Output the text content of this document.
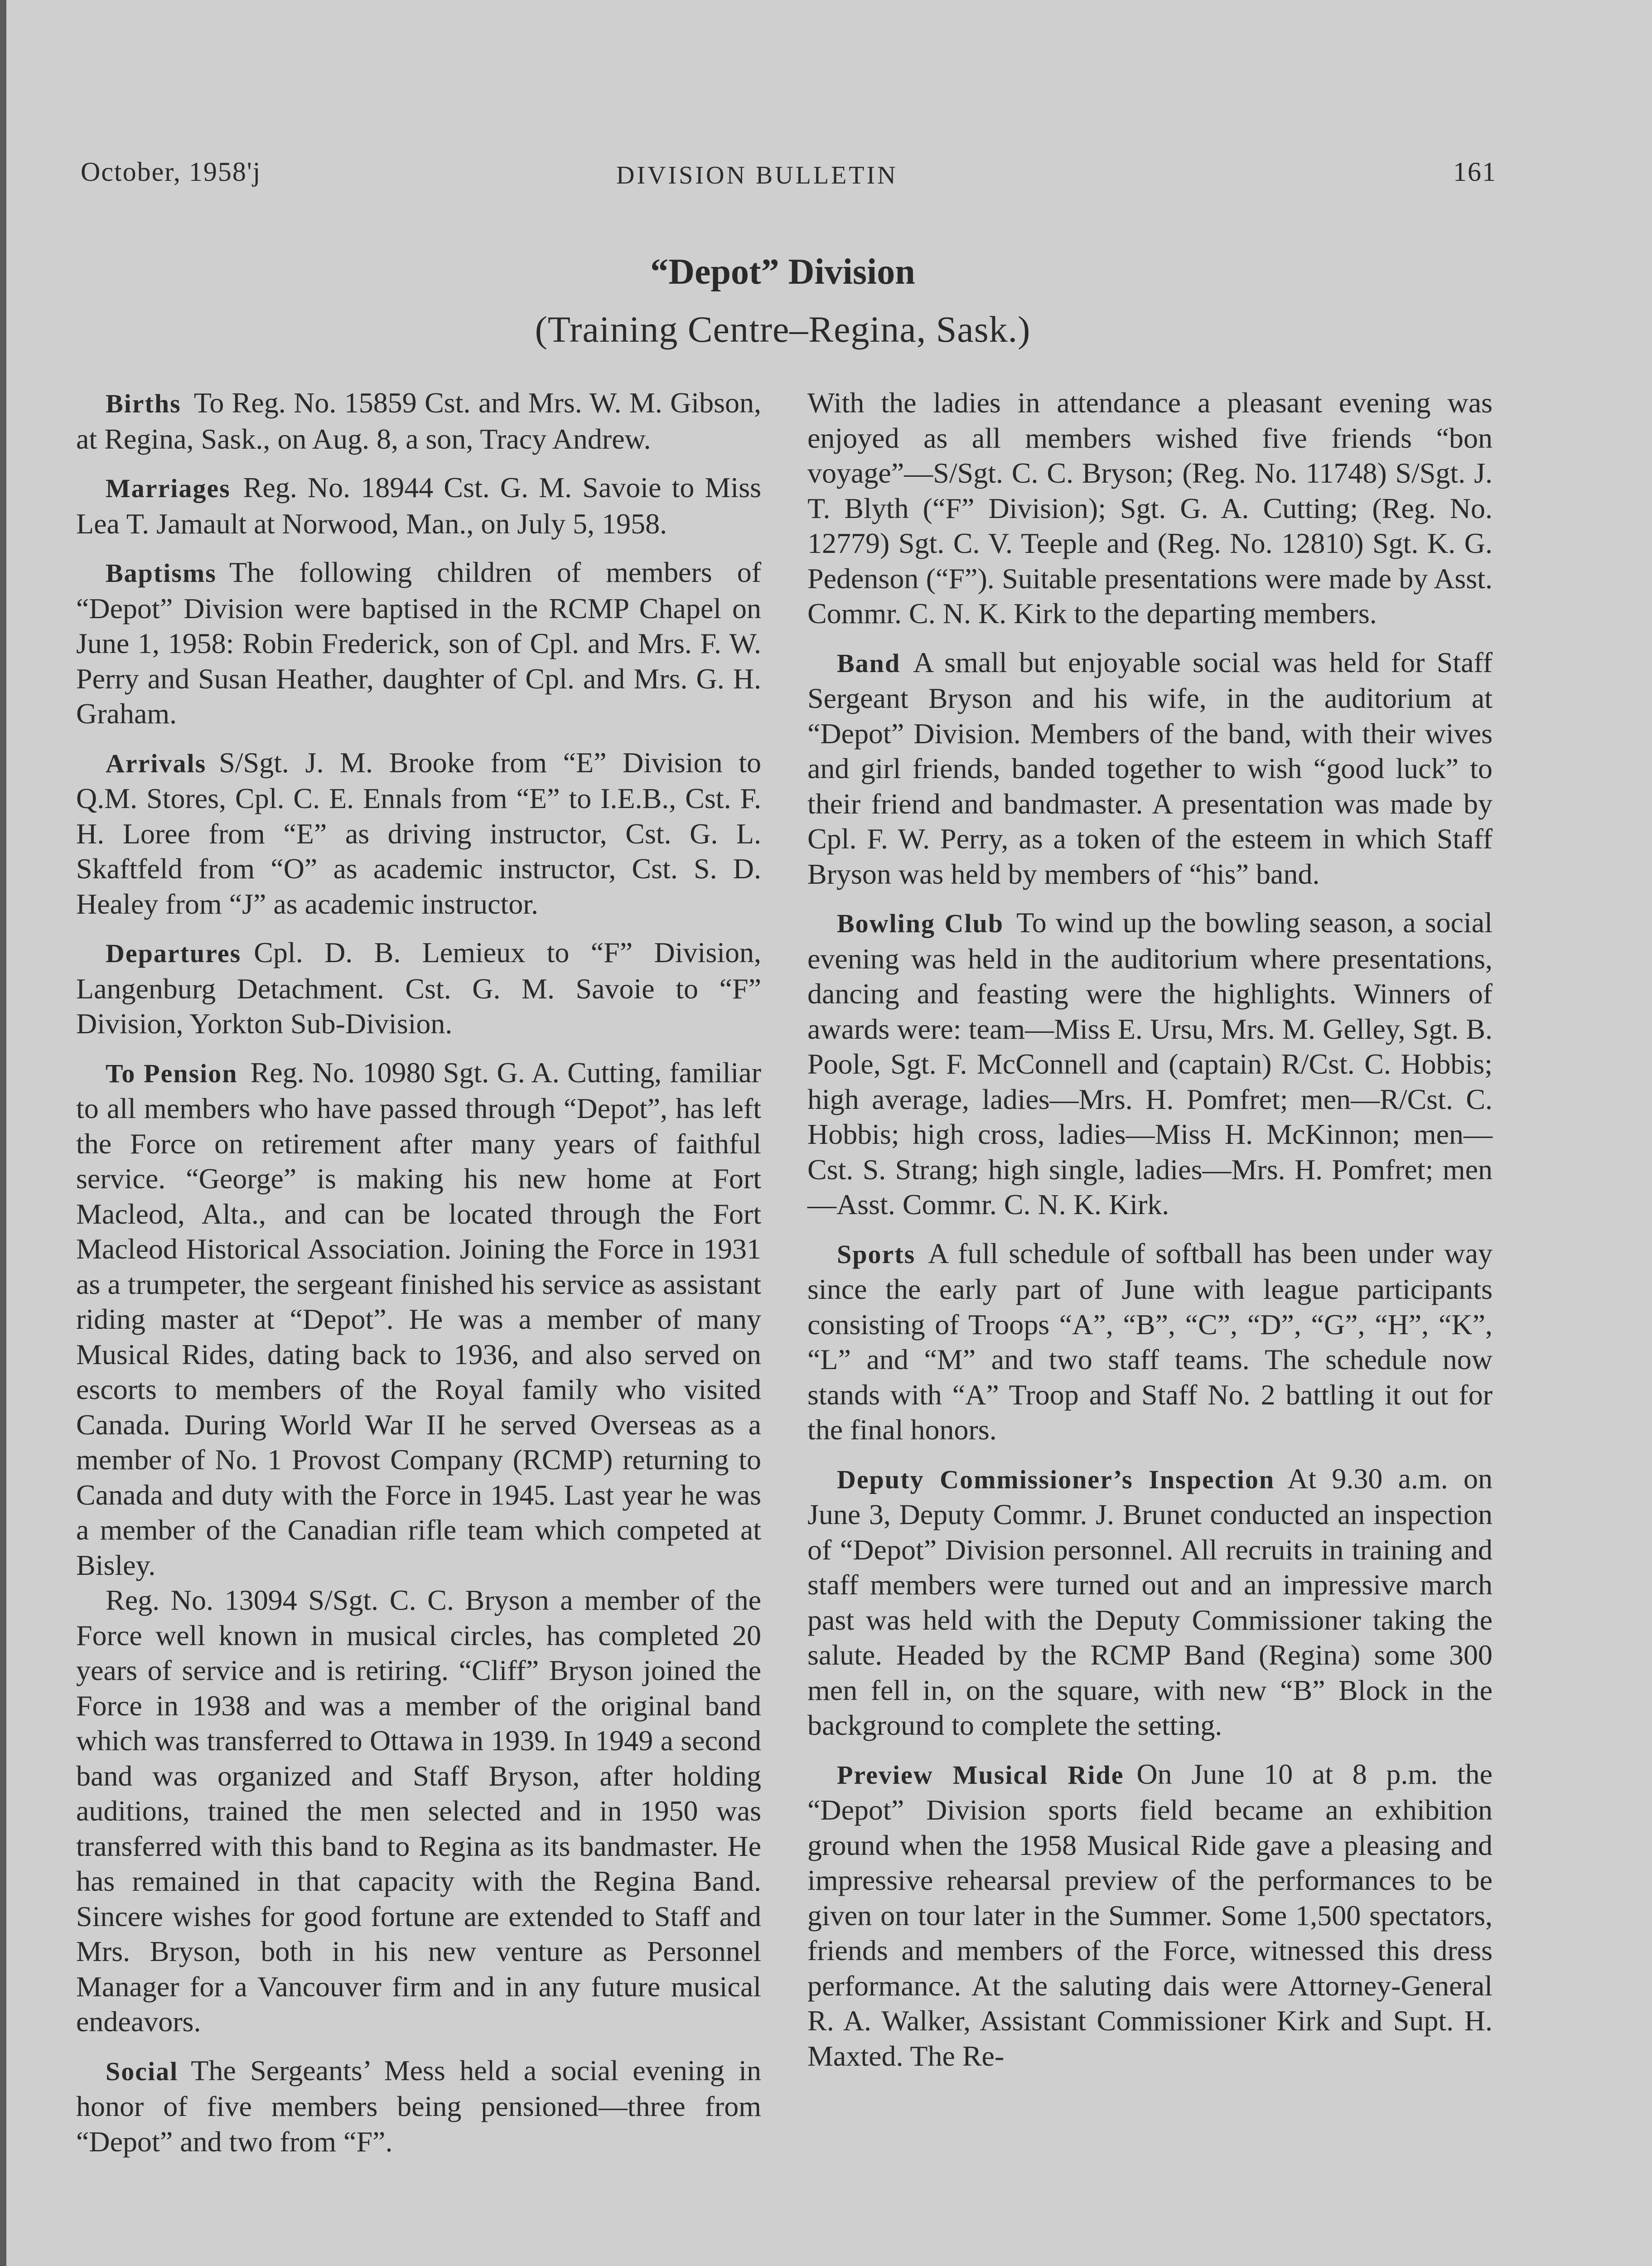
October, 1958'j	DIVISION BULLETIN	161
“Depot” Division
(Training Centre–Regina, Sask.)

Births To Reg. No. 15859 Cst. and Mrs. W. M. Gibson, at Regina, Sask., on Aug. 8, a son, Tracy Andrew.

Marriages Reg. No. 18944 Cst. G. M. Savoie to Miss Lea T. Jamault at Norwood, Man., on July 5, 1958.

Baptisms The following children of members of “Depot” Division were baptised in the RCMP Chapel on June 1, 1958: Robin Frederick, son of Cpl. and Mrs. F. W. Perry and Susan Heather, daughter of Cpl. and Mrs. G. H. Graham.

Arrivals S/Sgt. J. M. Brooke from “E” Division to Q.M. Stores, Cpl. C. E. Ennals from “E” to I.E.B., Cst. F. H. Loree from “E” as driving instructor, Cst. G. L. Skaftfeld from “O” as academic instructor, Cst. S. D. Healey from “J” as academic instructor.

Departures Cpl. D. B. Lemieux to “F” Division, Langenburg Detachment. Cst. G. M. Savoie to “F” Division, Yorkton Sub-Division.

To Pension Reg. No. 10980 Sgt. G. A. Cutting, familiar to all members who have passed through “Depot”, has left the Force on retirement after many years of faithful service. “George” is making his new home at Fort Macleod, Alta., and can be located through the Fort Macleod Historical Association. Joining the Force in 1931 as a trumpeter, the sergeant finished his service as assistant riding master at “Depot”. He was a member of many Musical Rides, dating back to 1936, and also served on escorts to members of the Royal family who visited Canada. During World War II he served Overseas as a member of No. 1 Provost Company (RCMP) returning to Canada and duty with the Force in 1945. Last year he was a member of the Canadian rifle team which competed at Bisley.

Reg. No. 13094 S/Sgt. C. C. Bryson a member of the Force well known in musical circles, has completed 20 years of service and is retiring. “Cliff” Bryson joined the Force in 1938 and was a member of the original band which was transferred to Ottawa in 1939. In 1949 a second band was organized and Staff Bryson, after holding auditions, trained the men selected and in 1950 was transferred with this band to Regina as its bandmaster. He has remained in that capacity with the Regina Band. Sincere wishes for good fortune are extended to Staff and Mrs. Bryson, both in his new venture as Personnel Manager for a Vancouver firm and in any future musical endeavors.

Social The Sergeants’ Mess held a social evening in honor of five members being pensioned—three from “Depot” and two from “F”.

With the ladies in attendance a pleasant evening was enjoyed as all members wished five friends “bon voyage”—S/Sgt. C. C. Bryson; (Reg. No. 11748) S/Sgt. J. T. Blyth (“F” Division); Sgt. G. A. Cutting; (Reg. No. 12779) Sgt. C. V. Teeple and (Reg. No. 12810) Sgt. K. G. Pedenson (“F”). Suitable presentations were made by Asst. Commr. C. N. K. Kirk to the departing members.

Band A small but enjoyable social was held for Staff Sergeant Bryson and his wife, in the auditorium at “Depot” Division. Members of the band, with their wives and girl friends, banded together to wish “good luck” to their friend and bandmaster. A presentation was made by Cpl. F. W. Perry, as a token of the esteem in which Staff Bryson was held by members of “his” band.

Bowling Club To wind up the bowling season, a social evening was held in the auditorium where presentations, dancing and feasting were the highlights. Winners of awards were: team—Miss E. Ursu, Mrs. M. Gelley, Sgt. B. Poole, Sgt. F. McConnell and (captain) R/Cst. C. Hobbis; high average, ladies—Mrs. H. Pomfret; men—R/Cst. C. Hobbis; high cross, ladies—Miss H. McKinnon; men—Cst. S. Strang; high single, ladies—Mrs. H. Pomfret; men—Asst. Commr. C. N. K. Kirk.

Sports A full schedule of softball has been under way since the early part of June with league participants consisting of Troops “A”, “B”, “C”, “D”, “G”, “H”, “K”, “L” and “M” and two staff teams. The schedule now stands with “A” Troop and Staff No. 2 battling it out for the final honors.

Deputy Commissioner’s Inspection At 9.30 a.m. on June 3, Deputy Commr. J. Brunet conducted an inspection of “Depot” Division personnel. All recruits in training and staff members were turned out and an impressive march past was held with the Deputy Commissioner taking the salute. Headed by the RCMP Band (Regina) some 300 men fell in, on the square, with new “B” Block in the background to complete the setting.

Preview Musical Ride On June 10 at 8 p.m. the “Depot” Division sports field became an exhibition ground when the 1958 Musical Ride gave a pleasing and impressive rehearsal preview of the performances to be given on tour later in the Summer. Some 1,500 spectators, friends and members of the Force, witnessed this dress performance. At the saluting dais were Attorney-General R. A. Walker, Assistant Commissioner Kirk and Supt. H. Maxted. The Re-
